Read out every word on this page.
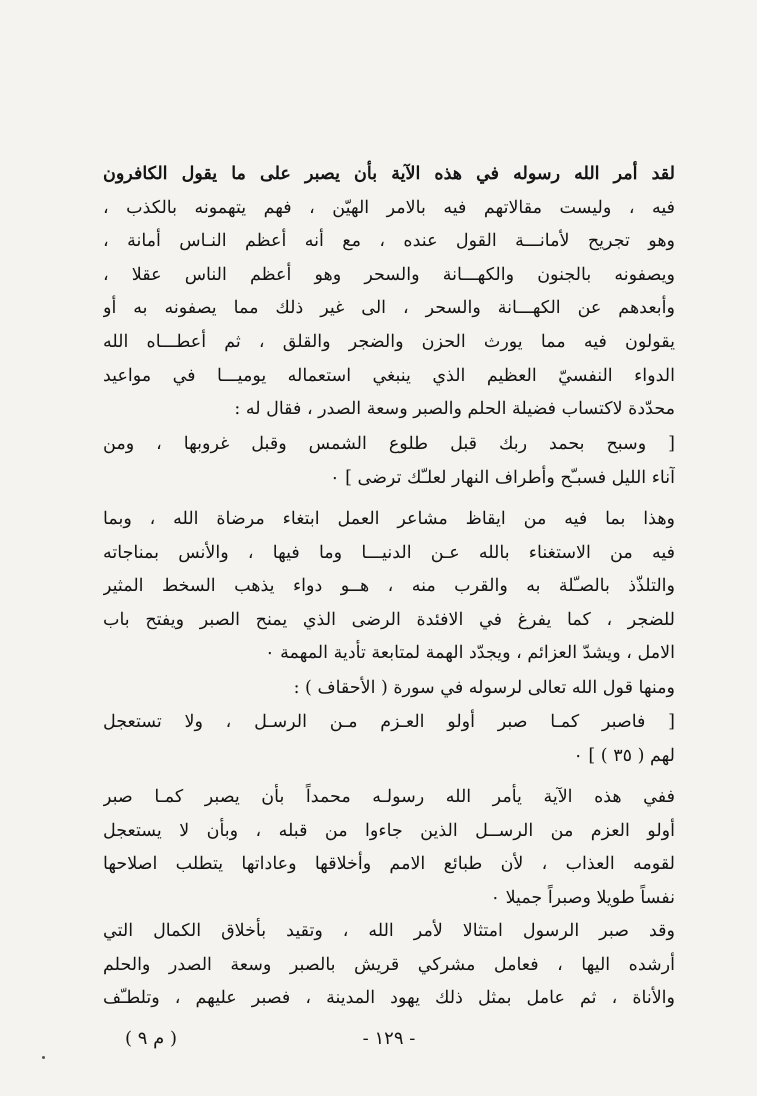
لقد أمر الله رسوله في هذه الآية بأن يصبر على ما يقول الكافرون
فيه ، وليست مقالاتهم فيه بالامر الهيّن ، فهم يتهمونه بالكذب ،
وهو تجريح لأمانـــة القول عنده ، مع أنه أعظم النـاس أمانة ،
ويصفونه بالجنون والكهـــانة والسحر وهو أعظم الناس عقلا ،
وأبعدهم عن الكهـــانة والسحر ، الى غير ذلك مما يصفونه به أو
يقولون فيه مما يورث الحزن والضجر والقلق ، ثم أعطـــاه الله
الدواء النفسيّ العظيم الذي ينبغي استعماله يوميـــا في مواعيد
محدّدة لاكتساب فضيلة الحلم والصبر وسعة الصدر ، فقال له :
[ وسبح بحمد ربك قبل طلوع الشمس وقبل غروبها ، ومن
آناء الليل فسبـّح وأطراف النهار لعلـّك ترضى ] ٠
وهذا بما فيه من ايقاظ مشاعر العمل ابتغاء مرضاة الله ، وبما
فيه من الاستغناء بالله عـن الدنيـــا وما فيها ، والأنس بمناجاته
والتلذّذ بالصـّلة به والقرب منه ، هــو دواء يذهب السخط المثير
للضجر ، كما يفرغ في الافئدة الرضى الذي يمنح الصبر ويفتح باب
الامل ، ويشدّ العزائم ، ويجدّد الهمة لمتابعة تأدية المهمة ٠
ومنها قول الله تعالى لرسوله في سورة ( الأحقاف ) :
[ فاصبر كمـا صبر أولو العـزم مـن الرسـل ، ولا تستعجل
لهم ( ٣٥ ) ] ٠
ففي هذه الآية يأمر الله رسولـه محمداً بأن يصبر كمـا صبر
أولو العزم من الرســل الذين جاءوا من قبله ، وبأن لا يستعجل
لقومه العذاب ، لأن طبائع الامم وأخلاقها وعاداتها يتطلب اصلاحها
نفساً طويلا وصبراً جميلا ٠
وقد صبر الرسول امتثالا لأمر الله ، وتقيد بأخلاق الكمال التي
أرشده اليها ، فعامل مشركي قريش بالصبر وسعة الصدر والحلم
والأناة ، ثم عامل بمثل ذلك يهود المدينة ، فصبر عليهم ، وتلطـّف
- ١٢٩ -
( م ٩ )
